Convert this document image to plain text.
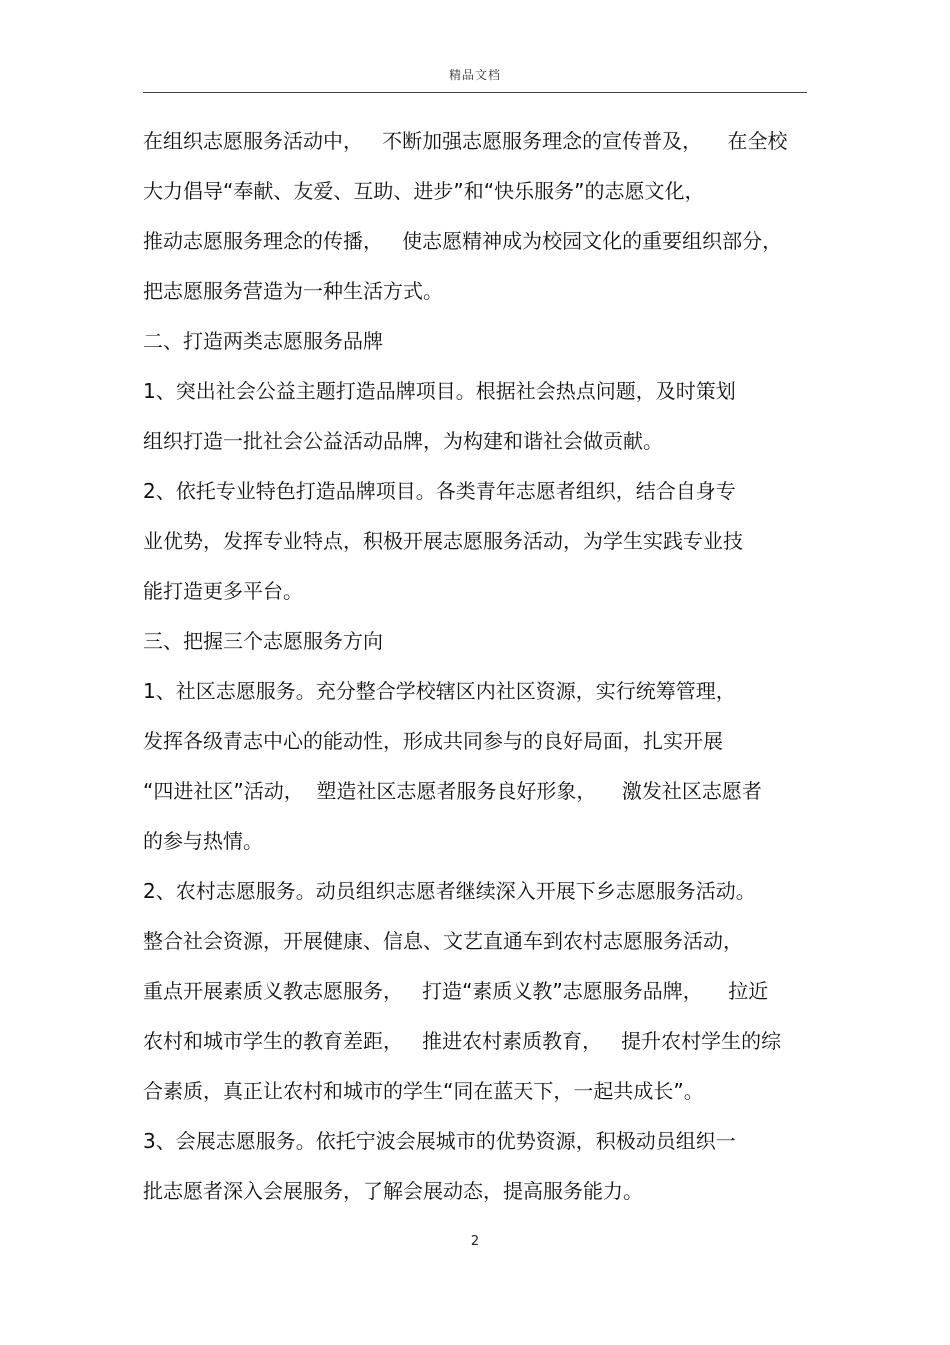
精品文档
在组织志愿服务活动中，   不断加强志愿服务理念的宣传普及，    在全校
大力倡导“奉献、友爱、互助、进步”和“快乐服务”的志愿文化，
推动志愿服务理念的传播，   使志愿精神成为校园文化的重要组织部分，
把志愿服务营造为一种生活方式。
二、打造两类志愿服务品牌
1、突出社会公益主题打造品牌项目。根据社会热点问题，及时策划
组织打造一批社会公益活动品牌，为构建和谐社会做贡献。
2、依托专业特色打造品牌项目。各类青年志愿者组织，结合自身专
业优势，发挥专业特点，积极开展志愿服务活动，为学生实践专业技
能打造更多平台。
三、把握三个志愿服务方向
1、社区志愿服务。充分整合学校辖区内社区资源，实行统筹管理，
发挥各级青志中心的能动性，形成共同参与的良好局面，扎实开展
“四进社区”活动，  塑造社区志愿者服务良好形象，    激发社区志愿者
的参与热情。
2、农村志愿服务。动员组织志愿者继续深入开展下乡志愿服务活动。
整合社会资源，开展健康、信息、文艺直通车到农村志愿服务活动，
重点开展素质义教志愿服务，   打造“素质义教”志愿服务品牌，    拉近
农村和城市学生的教育差距，   推进农村素质教育，   提升农村学生的综
合素质，真正让农村和城市的学生“同在蓝天下，一起共成长”。
3、会展志愿服务。依托宁波会展城市的优势资源，积极动员组织一
批志愿者深入会展服务，了解会展动态，提高服务能力。
2
